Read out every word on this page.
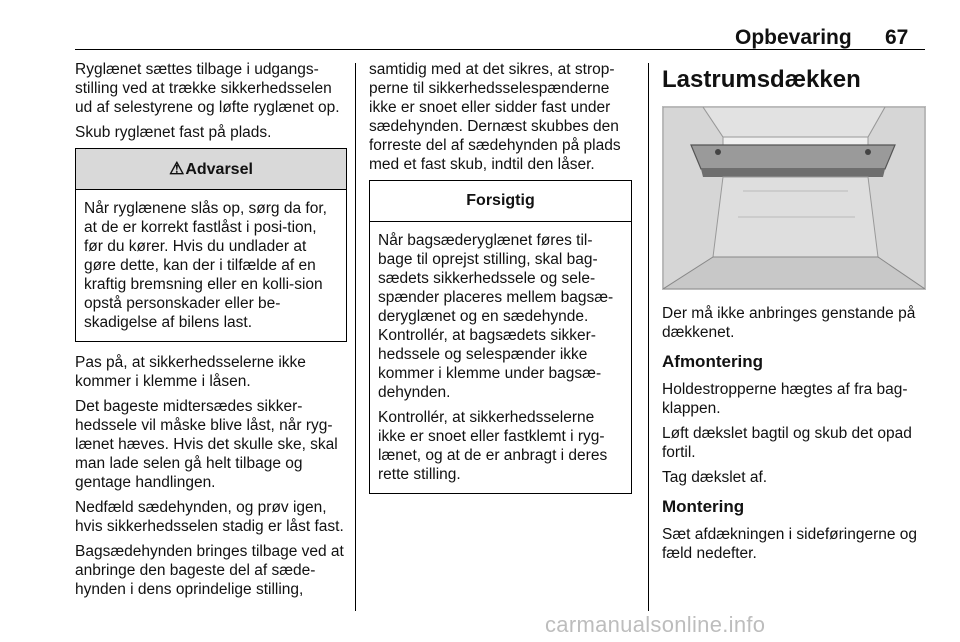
Opbevaring 67

Ryglænet sættes tilbage i udgangs-stilling ved at trække sikkerhedsselen ud af selestyrene og løfte ryglænet op.

Skub ryglænet fast på plads.

⚠Advarsel

Når ryglænene slås op, sørg da for, at de er korrekt fastlåst i posi-tion, før du kører. Hvis du undlader at gøre dette, kan der i tilfælde af en kraftig bremsning eller en kolli-sion opstå personskader eller be-skadigelse af bilens last.

Pas på, at sikkerhedsselerne ikke kommer i klemme i låsen.

Det bageste midtersædes sikker-hedssele vil måske blive låst, når ryg-lænet hæves. Hvis det skulle ske, skal man lade selen gå helt tilbage og gentage handlingen.

Nedfæld sædehynden, og prøv igen, hvis sikkerhedsselen stadig er låst fast.

Bagsædehynden bringes tilbage ved at anbringe den bageste del af sæde-hynden i dens oprindelige stilling,

samtidig med at det sikres, at strop-perne til sikkerhedsselespænderne ikke er snoet eller sidder fast under sædehynden. Dernæst skubbes den forreste del af sædehynden på plads med et fast skub, indtil den låser.

Forsigtig

Når bagsæderyglænet føres til-bage til oprejst stilling, skal bag-sædets sikkerhedssele og sele-spænder placeres mellem bagsæ-deryglænet og en sædehynde. Kontrollér, at bagsædets sikker-hedssele og selespænder ikke kommer i klemme under bagsæ-dehynden.

Kontrollér, at sikkerhedsselerne ikke er snoet eller fastklemt i ryg-lænet, og at de er anbragt i deres rette stilling.

Lastrumsdækken

Der må ikke anbringes genstande på dækkenet.

Afmontering

Holdestropperne hægtes af fra bag-klappen.

Løft dækslet bagtil og skub det opad fortil.

Tag dækslet af.

Montering

Sæt afdækningen i sideføringerne og fæld nedefter.

carmanualsonline.info
